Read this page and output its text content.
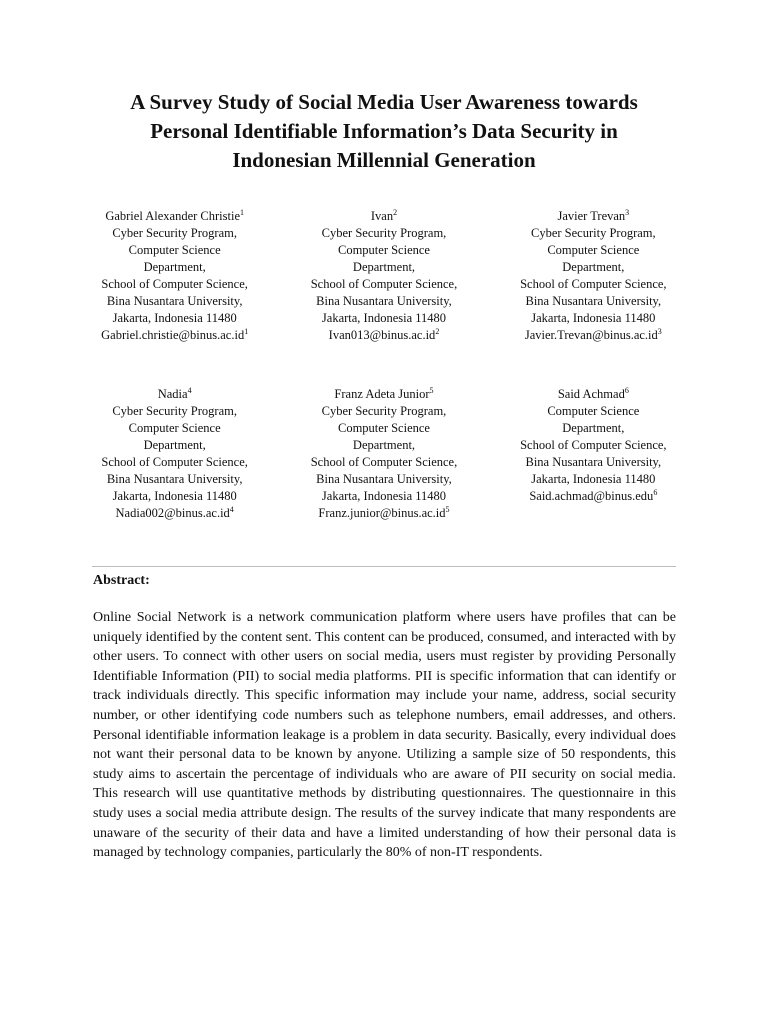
A Survey Study of Social Media User Awareness towards
Personal Identifiable Information’s Data Security in
Indonesian Millennial Generation
Gabriel Alexander Christie$^1$
Cyber Security Program,
Computer Science
Department,
School of Computer Science,
Bina Nusantara University,
Jakarta, Indonesia 11480
$Gabriel.christie@binus.ac.id^1$
Ivan$^2$
Cyber Security Program,
Computer Science
Department,
School of Computer Science,
Bina Nusantara University,
Jakarta, Indonesia 11480
$Ivan013@binus.ac.id^2$
Javier Trevan$^3$
Cyber Security Program,
Computer Science
Department,
School of Computer Science,
Bina Nusantara University,
Jakarta, Indonesia 11480
$Javier.Trevan@binus.ac.id^3$
Nadia$^4$
Cyber Security Program,
Computer Science
Department,
School of Computer Science,
Bina Nusantara University,
Jakarta, Indonesia 11480
$Nadia002@binus.ac.id^4$
Franz Adeta Junior$^5$
Cyber Security Program,
Computer Science
Department,
School of Computer Science,
Bina Nusantara University,
Jakarta, Indonesia 11480
$Franz.junior@binus.ac.id^5$
Said Achmad$^6$
Computer Science
Department,
School of Computer Science,
Bina Nusantara University,
Jakarta, Indonesia 11480
Said.achmad@binus.edu$^6$
Abstract:

Online Social Network is a network communication platform where users have profiles that can be uniquely identified by the content sent. This content can be produced, consumed, and interacted with by other users. To connect with other users on social media, users must register by providing Personally Identifiable Information (PII) to social media platforms. PII is specific information that can identify or track individuals directly. This specific information may include your name, address, social security number, or other identifying code numbers such as telephone numbers, email addresses, and others. Personal identifiable information leakage is a problem in data security. Basically, every individual does not want their personal data to be known by anyone. Utilizing a sample size of 50 respondents, this study aims to ascertain the percentage of individuals who are aware of PII security on social media. This research will use quantitative methods by distributing questionnaires. The questionnaire in this study uses a social media attribute design. The results of the survey indicate that many respondents are unaware of the security of their data and have a limited understanding of how their personal data is managed by technology companies, particularly the 80% of non-IT respondents.
